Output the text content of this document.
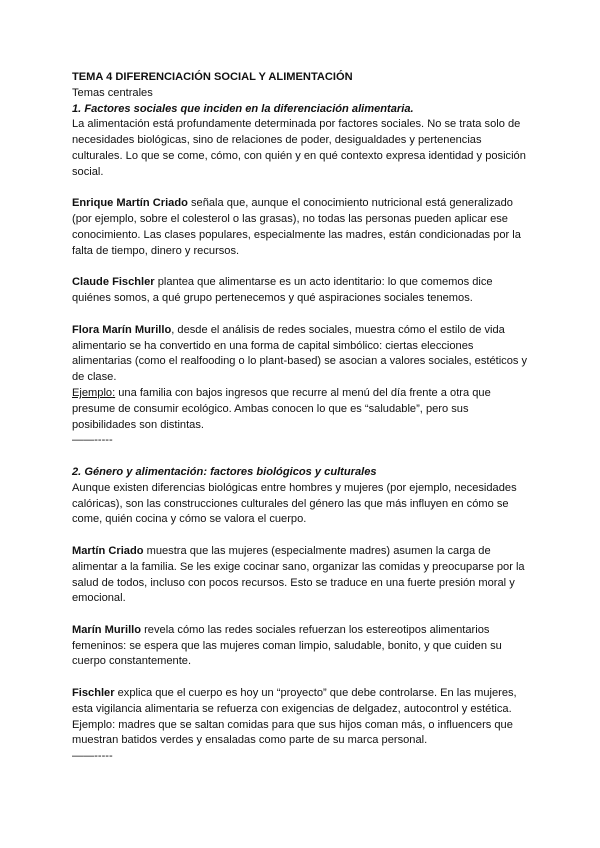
TEMA 4 DIFERENCIACIÓN SOCIAL Y ALIMENTACIÓN

Temas centrales

1. Factores sociales que inciden en la diferenciación alimentaria.

La alimentación está profundamente determinada por factores sociales. No se trata solo de necesidades biológicas, sino de relaciones de poder, desigualdades y pertenencias culturales. Lo que se come, cómo, con quién y en qué contexto expresa identidad y posición social.

Enrique Martín Criado señala que, aunque el conocimiento nutricional está generalizado (por ejemplo, sobre el colesterol o las grasas), no todas las personas pueden aplicar ese conocimiento. Las clases populares, especialmente las madres, están condicionadas por la falta de tiempo, dinero y recursos.

Claude Fischler plantea que alimentarse es un acto identitario: lo que comemos dice quiénes somos, a qué grupo pertenecemos y qué aspiraciones sociales tenemos.

Flora Marín Murillo, desde el análisis de redes sociales, muestra cómo el estilo de vida alimentario se ha convertido en una forma de capital simbólico: ciertas elecciones alimentarias (como el realfooding o lo plant-based) se asocian a valores sociales, estéticos y de clase.

Ejemplo: una familia con bajos ingresos que recurre al menú del día frente a otra que presume de consumir ecológico. Ambas conocen lo que es “saludable”, pero sus posibilidades son distintas.

——-----

2. Género y alimentación: factores biológicos y culturales

Aunque existen diferencias biológicas entre hombres y mujeres (por ejemplo, necesidades calóricas), son las construcciones culturales del género las que más influyen en cómo se come, quién cocina y cómo se valora el cuerpo.

Martín Criado muestra que las mujeres (especialmente madres) asumen la carga de alimentar a la familia. Se les exige cocinar sano, organizar las comidas y preocuparse por la salud de todos, incluso con pocos recursos. Esto se traduce en una fuerte presión moral y emocional.

Marín Murillo revela cómo las redes sociales refuerzan los estereotipos alimentarios femeninos: se espera que las mujeres coman limpio, saludable, bonito, y que cuiden su cuerpo constantemente.

Fischler explica que el cuerpo es hoy un “proyecto” que debe controlarse. En las mujeres, esta vigilancia alimentaria se refuerza con exigencias de delgadez, autocontrol y estética.

Ejemplo: madres que se saltan comidas para que sus hijos coman más, o influencers que muestran batidos verdes y ensaladas como parte de su marca personal.

——-----
